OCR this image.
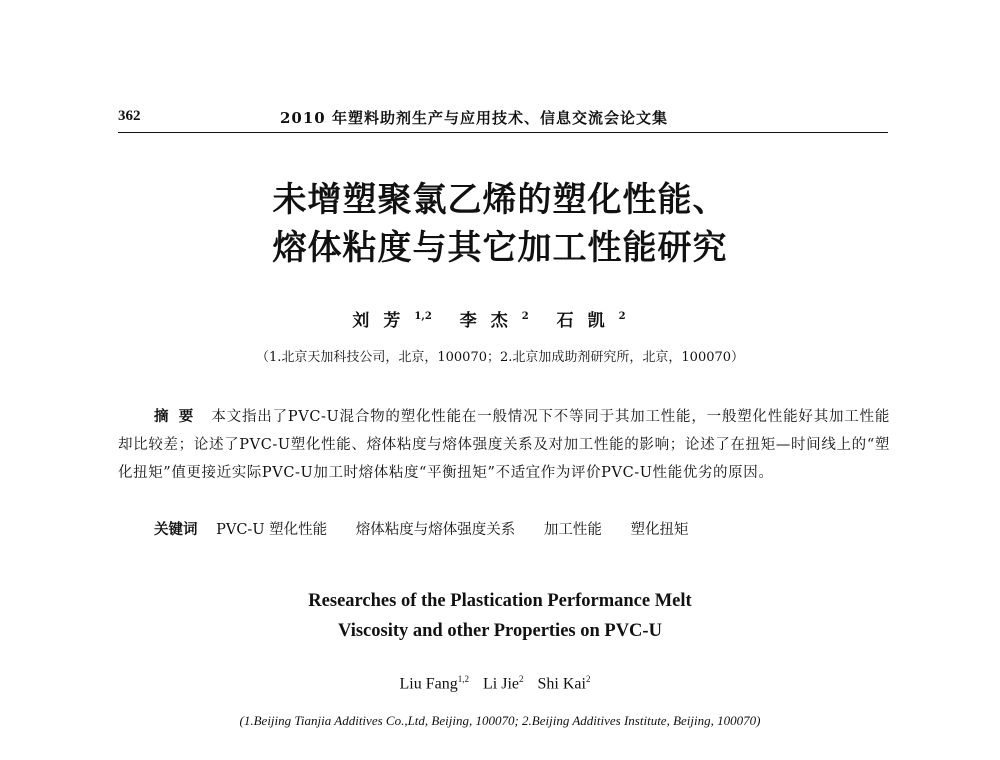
362	2010 年塑料助剂生产与应用技术、信息交流会论文集
未增塑聚氯乙烯的塑化性能、
熔体粘度与其它加工性能研究
刘芳$^{1,2}$ 李杰$^2$ 石凯$^2$
（1.北京天加科技公司，北京，100070；2.北京加成助剂研究所，北京，100070）
摘要 本文指出了PVC-U混合物的塑化性能在一般情况下不等同于其加工性能，一般塑化性能好其加工性能却比较差；论述了PVC-U塑化性能、熔体粘度与熔体强度关系及对加工性能的影响；论述了在扭矩—时间线上的“塑化扭矩”值更接近实际PVC-U加工时熔体粘度“平衡扭矩”不适宜作为评价PVC-U性能优劣的原因。
关键词 PVC-U 塑化性能 熔体粘度与熔体强度关系 加工性能 塑化扭矩
Researches of the Plastication Performance Melt
Viscosity and other Properties on PVC-U
Liu Fang$^{1,2}$ Li Jie$^2$ Shi Kai$^2$
(1.Beijing Tianjia Additives Co.,Ltd, Beijing, 100070; 2.Beijing Additives Institute, Beijing, 100070)
